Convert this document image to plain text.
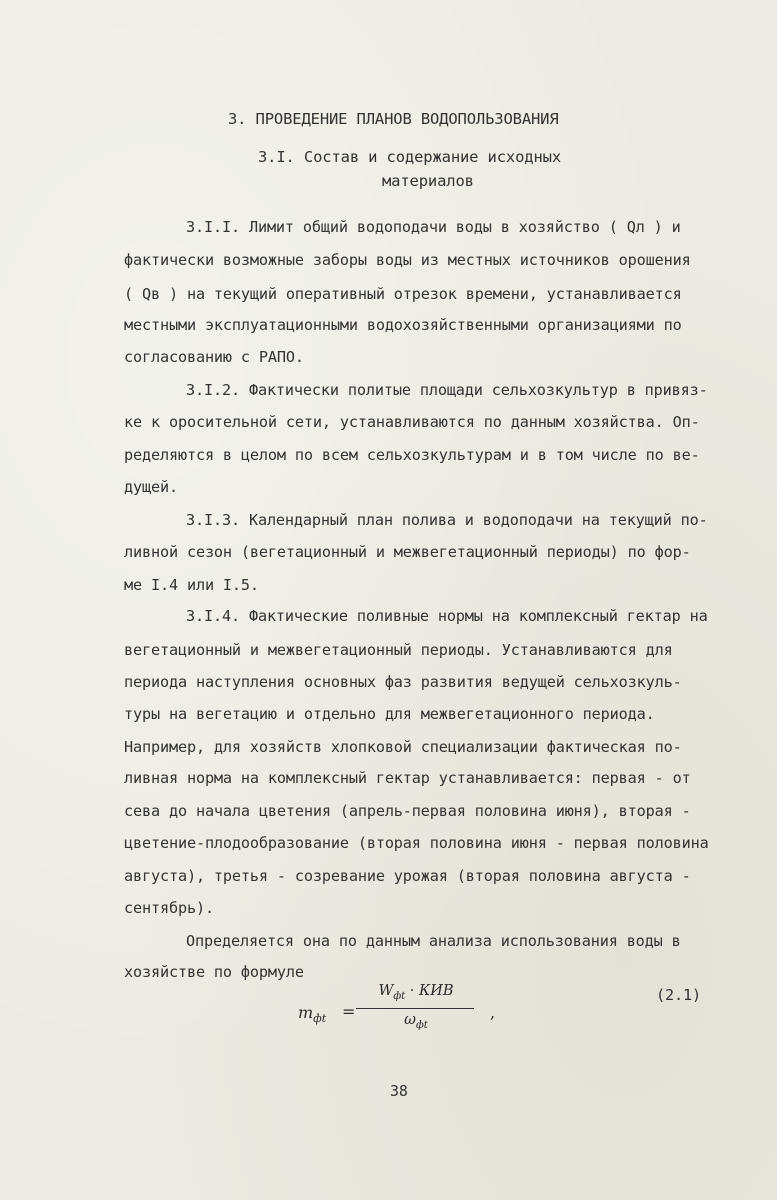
3. ПРОВЕДЕНИЕ ПЛАНОВ ВОДОПОЛЬЗОВАНИЯ

3.I. Состав и содержание исходных

материалов

3.I.I. Лимит общий водоподачи воды в хозяйство ( Qл ) и

фактически возможные заборы воды из местных источников орошения

( Qв ) на текущий оперативный отрезок времени, устанавливается

местными эксплуатационными водохозяйственными организациями по

согласованию с РАПО.

3.I.2. Фактически политые площади сельхозкультур в привяз-

ке к оросительной сети, устанавливаются по данным хозяйства. Оп-

ределяются в целом по всем сельхозкультурам и в том числе по ве-

дущей.

3.I.3. Календарный план полива и водоподачи на текущий по-

ливной сезон (вегетационный и межвегетационный периоды) по фор-

ме I.4 или I.5.

3.I.4. Фактические поливные нормы на комплексный гектар на

вегетационный и межвегетационный периоды. Устанавливаются для

периода наступления основных фаз развития ведущей сельхозкуль-

туры на вегетацию и отдельно для межвегетационного периода.

Например, для хозяйств хлопковой специализации фактическая по-

ливная норма на комплексный гектар устанавливается: первая - от

сева до начала цветения (апрель-первая половина июня), вторая -

цветение-плодообразование (вторая половина июня - первая половина

августа), третья - созревание урожая (вторая половина августа -

сентябрь).

Определяется она по данным анализа использования воды в

хозяйстве по формуле

$m_{фt}$ =
$W_{фt}$ · КИВ
$\omega_{фt}$
,

(2.1)

38
